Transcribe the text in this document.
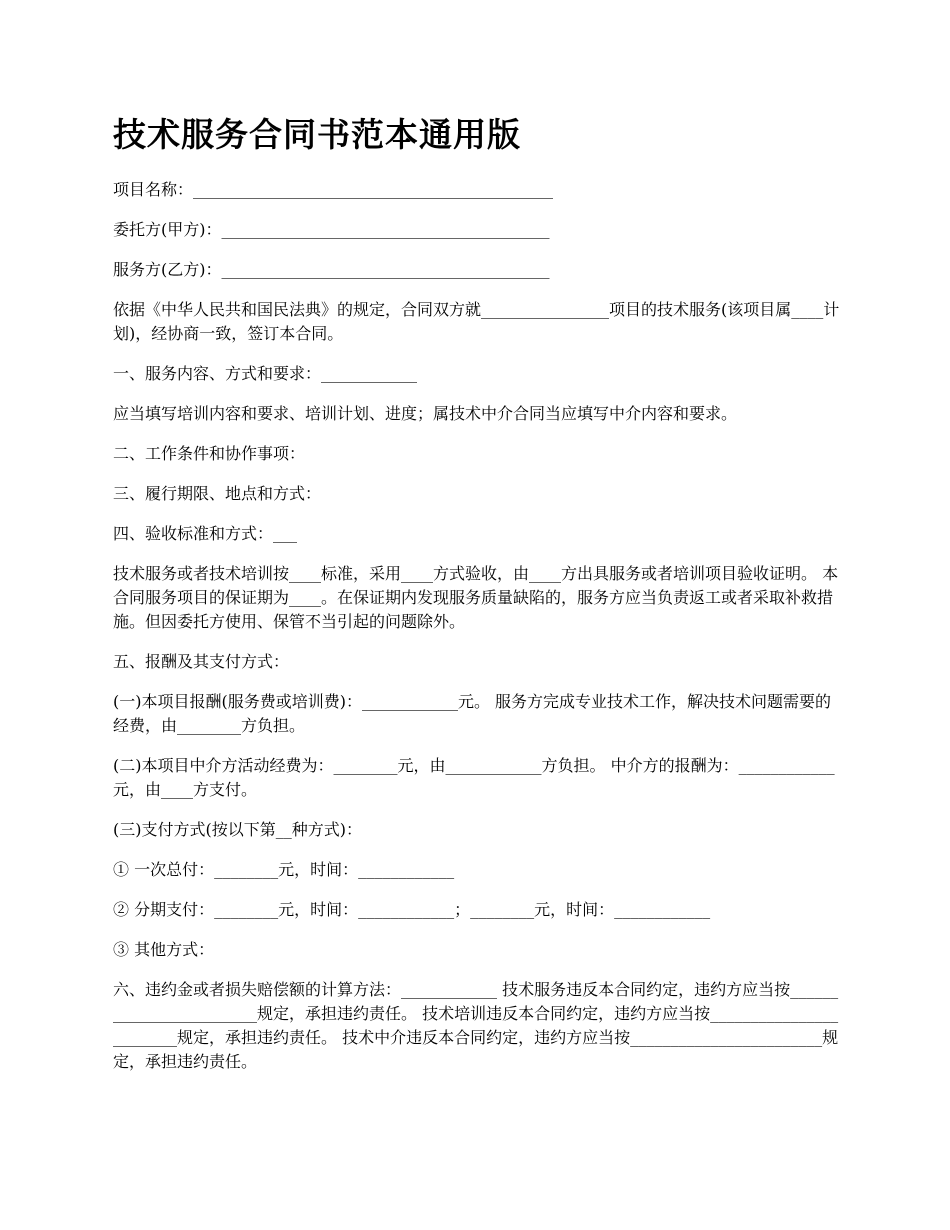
技术服务合同书范本通用版

项目名称：_____________________________________________

委托方(甲方)：_________________________________________

服务方(乙方)：_________________________________________

依据《中华人民共和国民法典》的规定，合同双方就________________项目的技术服务(该项目属____计划)，经协商一致，签订本合同。

一、服务内容、方式和要求：____________

应当填写培训内容和要求、培训计划、进度；属技术中介合同当应填写中介内容和要求。

二、工作条件和协作事项：

三、履行期限、地点和方式：

四、验收标准和方式：___

技术服务或者技术培训按____标准，采用____方式验收，由____方出具服务或者培训项目验收证明。 本合同服务项目的保证期为____。在保证期内发现服务质量缺陷的，服务方应当负责返工或者采取补救措施。但因委托方使用、保管不当引起的问题除外。

五、报酬及其支付方式：

(一)本项目报酬(服务费或培训费)：____________元。 服务方完成专业技术工作，解决技术问题需要的经费，由________方负担。

(二)本项目中介方活动经费为：________元，由____________方负担。 中介方的报酬为：____________元，由____方支付。

(三)支付方式(按以下第__种方式)：

① 一次总付：________元，时间：____________

② 分期支付：________元，时间：____________；________元，时间：____________

③ 其他方式：

六、违约金或者损失赔偿额的计算方法：____________ 技术服务违反本合同约定，违约方应当按________________________规定，承担违约责任。 技术培训违反本合同约定，违约方应当按________________________规定，承担违约责任。 技术中介违反本合同约定，违约方应当按________________________规定，承担违约责任。
